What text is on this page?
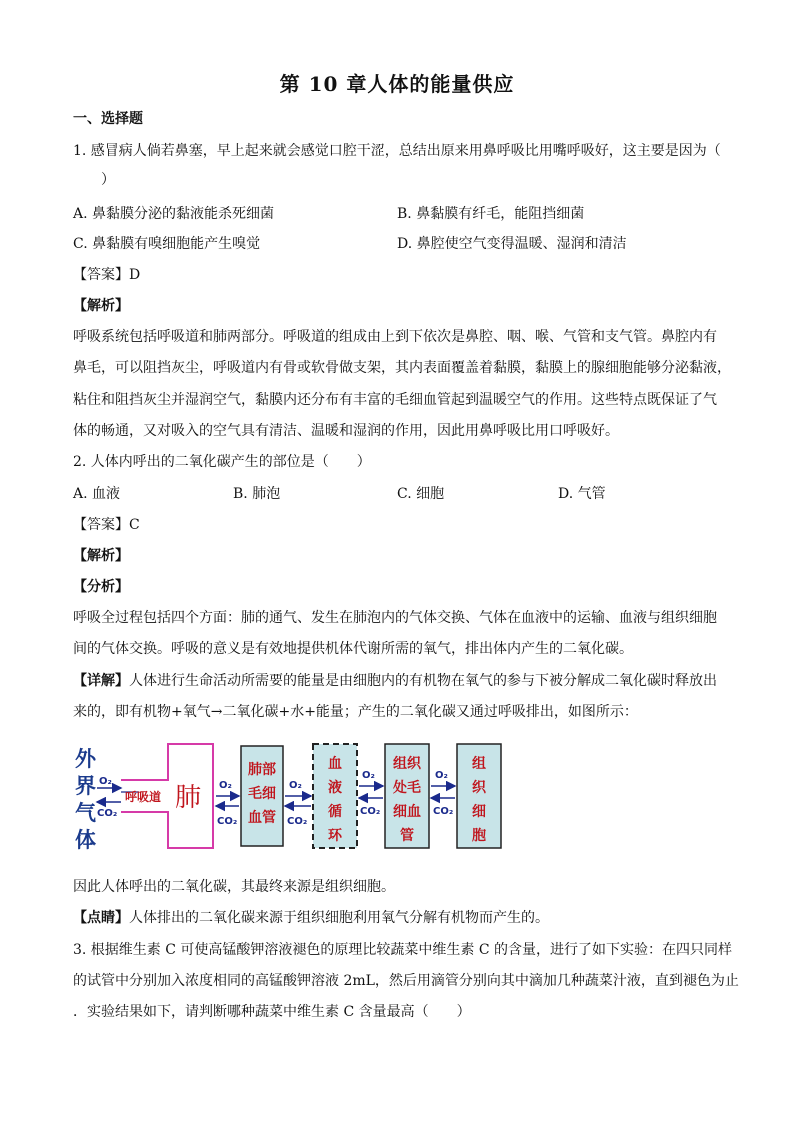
第 10 章人体的能量供应
一、选择题
1. 感冒病人倘若鼻塞，早上起来就会感觉口腔干涩，总结出原来用鼻呼吸比用嘴呼吸好，这主要是因为（
　　）
A. 鼻黏膜分泌的黏液能杀死细菌	B. 鼻黏膜有纤毛，能阻挡细菌
C. 鼻黏膜有嗅细胞能产生嗅觉	D. 鼻腔使空气变得温暖、湿润和清洁
【答案】D
【解析】
呼吸系统包括呼吸道和肺两部分。呼吸道的组成由上到下依次是鼻腔、咽、喉、气管和支气管。鼻腔内有
鼻毛，可以阻挡灰尘，呼吸道内有骨或软骨做支架，其内表面覆盖着黏膜，黏膜上的腺细胞能够分泌黏液，
粘住和阻挡灰尘并湿润空气，黏膜内还分布有丰富的毛细血管起到温暖空气的作用。这些特点既保证了气
体的畅通，又对吸入的空气具有清洁、温暖和湿润的作用，因此用鼻呼吸比用口呼吸好。
2. 人体内呼出的二氧化碳产生的部位是（　　）
A. 血液	B. 肺泡	C. 细胞	D. 气管
【答案】C
【解析】
【分析】
呼吸全过程包括四个方面：肺的通气、发生在肺泡内的气体交换、气体在血液中的运输、血液与组织细胞
间的气体交换。呼吸的意义是有效地提供机体代谢所需的氧气，排出体内产生的二氧化碳。
【详解】人体进行生命活动所需要的能量是由细胞内的有机物在氧气的参与下被分解成二氧化碳时释放出
来的，即有机物+氧气→二氧化碳+水+能量；产生的二氧化碳又通过呼吸排出，如图所示：
外
界
气
体
O₂
CO₂
呼吸道 肺 O₂
CO₂
肺部
毛细
血管
O₂
CO₂
血
液
循
环
O₂
CO₂
组织
处毛
细血
管
O₂
CO₂
组
织
细
胞
因此人体呼出的二氧化碳，其最终来源是组织细胞。
【点睛】人体排出的二氧化碳来源于组织细胞利用氧气分解有机物而产生的。
3. 根据维生素 C 可使高锰酸钾溶液褪色的原理比较蔬菜中维生素 C 的含量，进行了如下实验：在四只同样
的试管中分别加入浓度相同的高锰酸钾溶液 2mL，然后用滴管分别向其中滴加几种蔬菜汁液，直到褪色为止
．实验结果如下，请判断哪种蔬菜中维生素 C 含量最高（　　）
